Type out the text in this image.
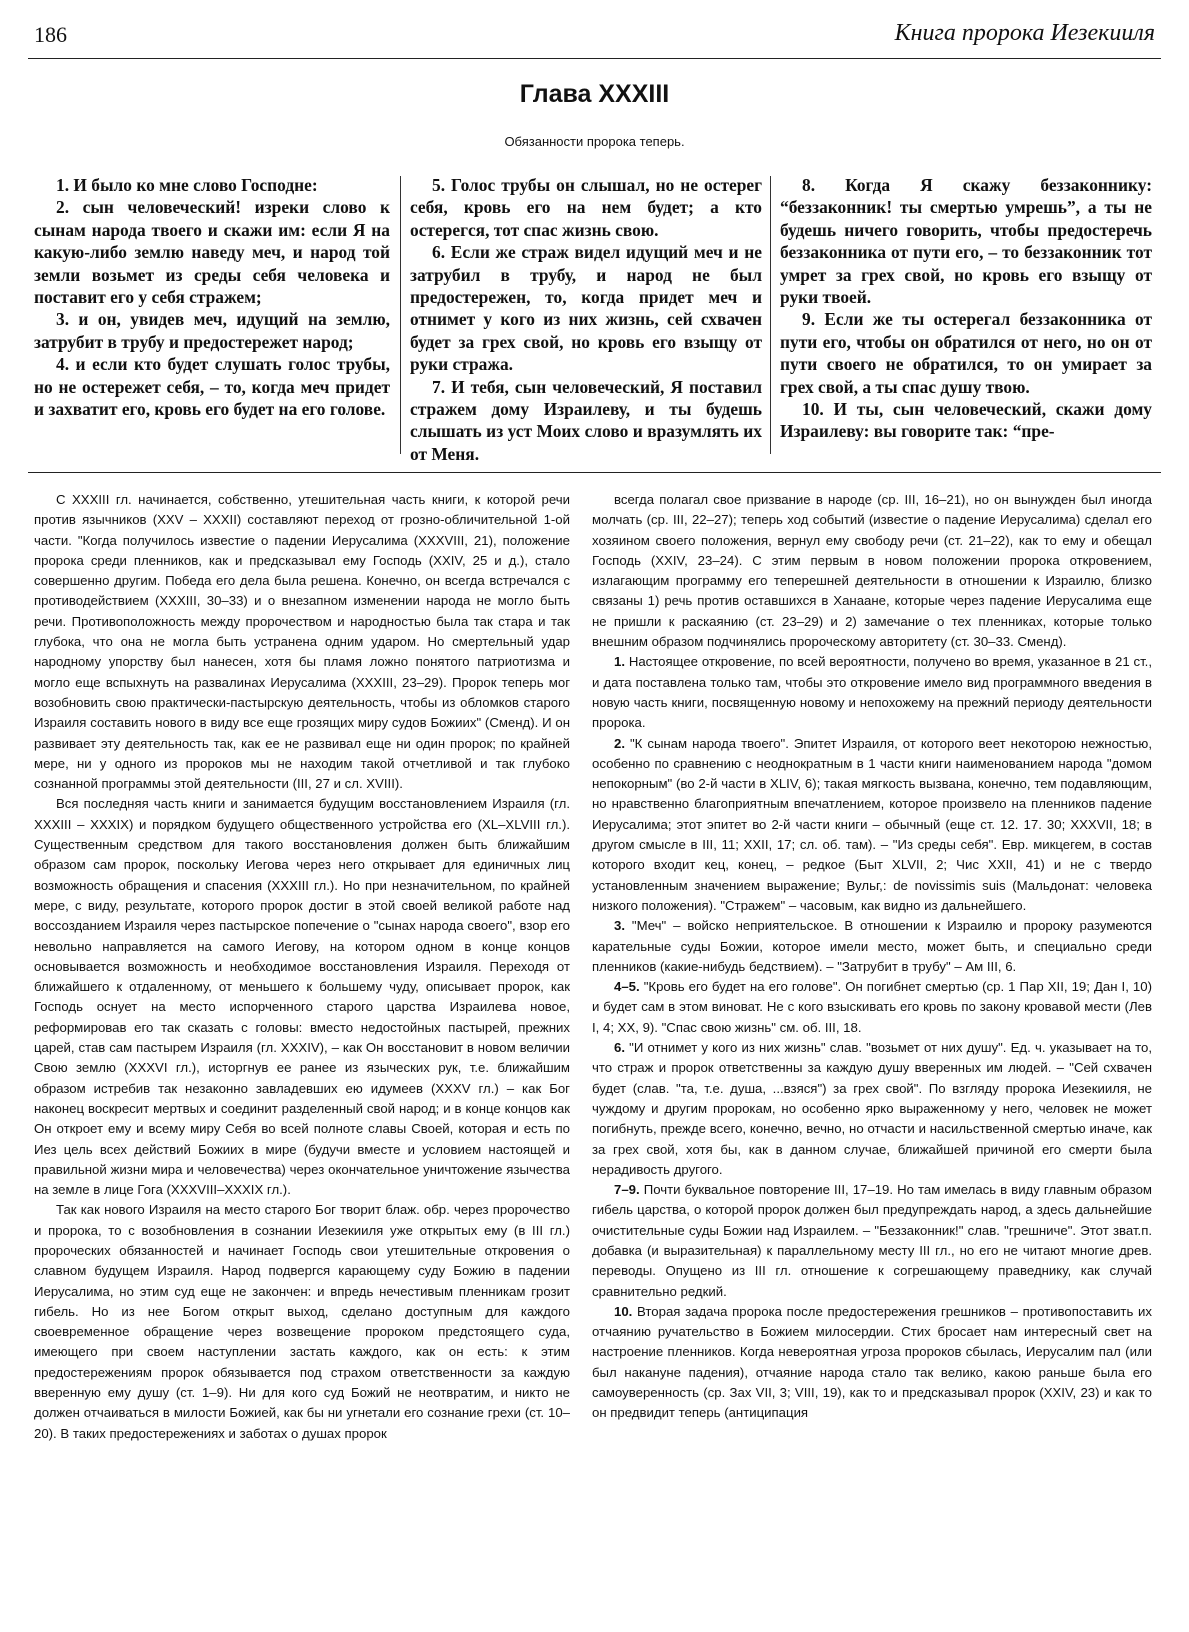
186	Книга пророка Иезекииля
Глава XXXIII
Обязанности пророка теперь.

1. И было ко мне слово Господне:

2. сын человеческий! изреки слово к сынам народа твоего и скажи им: если Я на какую-либо землю наведу меч, и народ той земли возьмет из среды себя человека и поставит его у себя стражем;

3. и он, увидев меч, идущий на землю, затрубит в трубу и предостережет народ;

4. и если кто будет слушать голос трубы, но не остережет себя, – то, когда меч придет и захватит его, кровь его будет на его голове.

5. Голос трубы он слышал, но не остерег себя, кровь его на нем будет; а кто остерегся, тот спас жизнь свою.

6. Если же страж видел идущий меч и не затрубил в трубу, и народ не был предостережен, то, когда придет меч и отнимет у кого из них жизнь, сей схвачен будет за грех свой, но кровь его взыщу от руки стража.

7. И тебя, сын человеческий, Я поставил стражем дому Израилеву, и ты будешь слышать из уст Моих слово и вразумлять их от Меня.

8. Когда Я скажу беззаконнику: “беззаконник! ты смертью умрешь”, а ты не будешь ничего говорить, чтобы предостеречь беззаконника от пути его, – то беззаконник тот умрет за грех свой, но кровь его взыщу от руки твоей.

9. Если же ты остерегал беззаконника от пути его, чтобы он обратился от него, но он от пути своего не обратился, то он умирает за грех свой, а ты спас душу твою.

10. И ты, сын человеческий, скажи дому Израилеву: вы говорите так: “пре-

С XXXIII гл. начинается, собственно, утешительная часть книги, к которой речи против язычников (XXV – XXXII) составляют переход от грозно-обличительной 1-ой части. "Когда получилось известие о падении Иерусалима (XXXVIII, 21), положение пророка среди пленников, как и предсказывал ему Господь (XXIV, 25 и д.), стало совершенно другим. Победа его дела была решена. Конечно, он всегда встречался с противодействием (XXXIII, 30–33) и о внезапном изменении народа не могло быть речи. Противоположность между пророчеством и народностью была так стара и так глубока, что она не могла быть устранена одним ударом. Но смертельный удар народному упорству был нанесен, хотя бы пламя ложно понятого патриотизма и могло еще вспыхнуть на развалинах Иерусалима (XXXIII, 23–29). Пророк теперь мог возобновить свою практически-пастырскую деятельность, чтобы из обломков старого Израиля составить нового в виду все еще грозящих миру судов Божиих" (Сменд). И он развивает эту деятельность так, как ее не развивал еще ни один пророк; по крайней мере, ни у одного из пророков мы не находим такой отчетливой и так глубоко сознанной программы этой деятельности (III, 27 и сл. XVIII).

Вся последняя часть книги и занимается будущим восстановлением Израиля (гл. XXXIII – XXXIX) и порядком будущего общественного устройства его (XL–XLVIII гл.). Существенным средством для такого восстановления должен быть ближайшим образом сам пророк, поскольку Иегова через него открывает для единичных лиц возможность обращения и спасения (XXXIII гл.). Но при незначительном, по крайней мере, с виду, результате, которого пророк достиг в этой своей великой работе над воссозданием Израиля через пастырское попечение о "сынах народа своего", взор его невольно направляется на самого Иегову, на котором одном в конце концов основывается возможность и необходимое восстановления Израиля. Переходя от ближайшего к отдаленному, от меньшего к большему чуду, описывает пророк, как Господь оснует на место испорченного старого царства Израилева новое, реформировав его так сказать с головы: вместо недостойных пастырей, прежних царей, став сам пастырем Израиля (гл. XXXIV), – как Он восстановит в новом величии Свою землю (XXXVI гл.), исторгнув ее ранее из языческих рук, т.е. ближайшим образом истребив так незаконно завладевших ею идумеев (XXXV гл.) – как Бог наконец воскресит мертвых и соединит разделенный свой народ; и в конце концов как Он откроет ему и всему миру Себя во всей полноте славы Своей, которая и есть по Иез цель всех действий Божиих в мире (будучи вместе и условием настоящей и правильной жизни мира и человечества) через окончательное уничтожение язычества на земле в лице Гога (XXXVIII–XXXIX гл.).

Так как нового Израиля на место старого Бог творит блаж. обр. через пророчество и пророка, то с возобновления в сознании Иезекииля уже открытых ему (в III гл.) пророческих обязанностей и начинает Господь свои утешительные откровения о славном будущем Израиля. Народ подвергся карающему суду Божию в падении Иерусалима, но этим суд еще не закончен: и впредь нечестивым пленникам грозит гибель. Но из нее Богом открыт выход, сделано доступным для каждого своевременное обращение через возвещение пророком предстоящего суда, имеющего при своем наступлении застать каждого, как он есть: к этим предостережениям пророк обязывается под страхом ответственности за каждую вверенную ему душу (ст. 1–9). Ни для кого суд Божий не неотвратим, и никто не должен отчаиваться в милости Божией, как бы ни угнетали его сознание грехи (ст. 10–20). В таких предостережениях и заботах о душах пророк

всегда полагал свое призвание в народе (ср. III, 16–21), но он вынужден был иногда молчать (ср. III, 22–27); теперь ход событий (известие о падение Иерусалима) сделал его хозяином своего положения, вернул ему свободу речи (ст. 21–22), как то ему и обещал Господь (XXIV, 23–24). С этим первым в новом положении пророка откровением, излагающим программу его теперешней деятельности в отношении к Израилю, близко связаны 1) речь против оставшихся в Ханаане, которые через падение Иерусалима еще не пришли к раскаянию (ст. 23–29) и 2) замечание о тех пленниках, которые только внешним образом подчинялись пророческому авторитету (ст. 30–33. Сменд).

1. Настоящее откровение, по всей вероятности, получено во время, указанное в 21 ст., и дата поставлена только там, чтобы это откровение имело вид программного введения в новую часть книги, посвященную новому и непохожему на прежний периоду деятельности пророка.

2. "К сынам народа твоего". Эпитет Израиля, от которого веет некоторою нежностью, особенно по сравнению с неоднократным в 1 части книги наименованием народа "домом непокорным" (во 2-й части в XLIV, 6); такая мягкость вызвана, конечно, тем подавляющим, но нравственно благоприятным впечатлением, которое произвело на пленников падение Иерусалима; этот эпитет во 2-й части книги – обычный (еще ст. 12. 17. 30; XXXVII, 18; в другом смысле в III, 11; XXII, 17; сл. об. там). – "Из среды себя". Евр. микцегем, в состав которого входит кец, конец, – редкое (Быт XLVII, 2; Чис XXII, 41) и не с твердо установленным значением выражение; Вульг,: de novissimis suis (Мальдонат: человека низкого положения). "Стражем" – часовым, как видно из дальнейшего.

3. "Меч" – войско неприятельское. В отношении к Израилю и пророку разумеются карательные суды Божии, которое имели место, может быть, и специально среди пленников (какие-нибудь бедствием). – "Затрубит в трубу" – Ам III, 6.

4–5. "Кровь его будет на его голове". Он погибнет смертью (ср. 1 Пар XII, 19; Дан I, 10) и будет сам в этом виноват. Не с кого взыскивать его кровь по закону кровавой мести (Лев I, 4; XX, 9). "Спас свою жизнь" см. об. III, 18.

6. "И отнимет у кого из них жизнь" слав. "возьмет от них душу". Ед. ч. указывает на то, что страж и пророк ответственны за каждую душу вверенных им людей. – "Сей схвачен будет (слав. "та, т.е. душа, ...взяся") за грех свой". По взгляду пророка Иезекииля, не чуждому и другим пророкам, но особенно ярко выраженному у него, человек не может погибнуть, прежде всего, конечно, вечно, но отчасти и насильственной смертью иначе, как за грех свой, хотя бы, как в данном случае, ближайшей причиной его смерти была нерадивость другого.

7–9. Почти буквальное повторение III, 17–19. Но там имелась в виду главным образом гибель царства, о которой пророк должен был предупреждать народ, а здесь дальнейшие очистительные суды Божии над Израилем. – "Беззаконник!" слав. "грешниче". Этот зват.п. добавка (и выразительная) к параллельному месту III гл., но его не читают многие древ. переводы. Опущено из III гл. отношение к согрешающему праведнику, как случай сравнительно редкий.

10. Вторая задача пророка после предостережения грешников – противопоставить их отчаянию ручательство в Божием милосердии. Стих бросает нам интересный свет на настроение пленников. Когда невероятная угроза пророков сбылась, Иерусалим пал (или был накануне падения), отчаяние народа стало так велико, какою раньше была его самоуверенность (ср. Зах VII, 3; VIII, 19), как то и предсказывал пророк (XXIV, 23) и как то он предвидит теперь (антиципация
